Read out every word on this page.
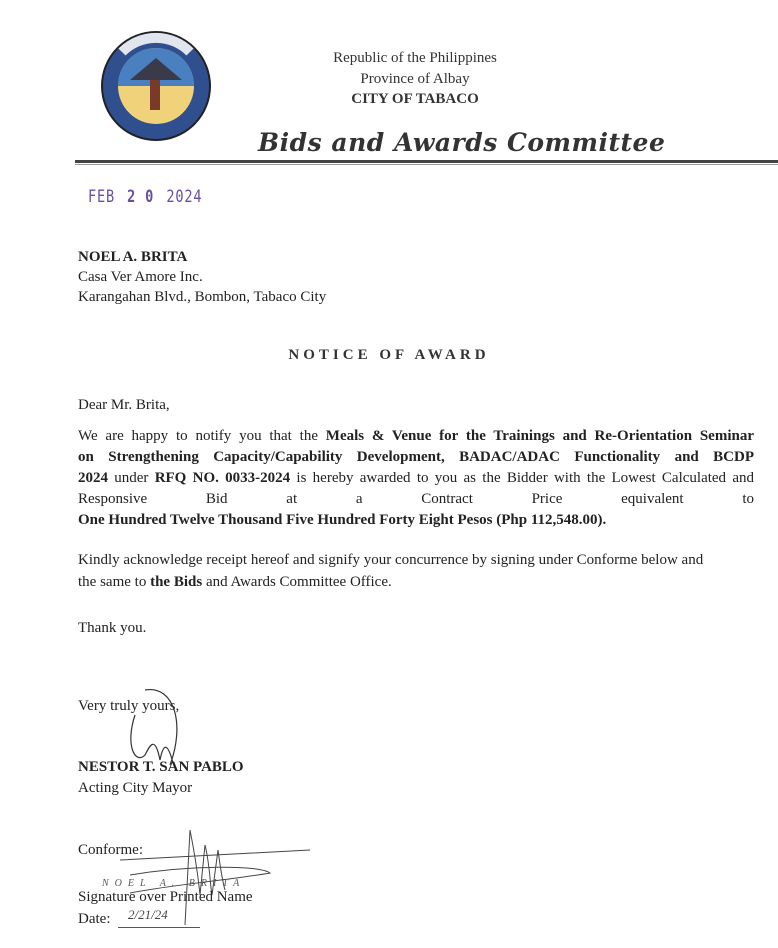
Republic of the Philippines
Province of Albay
CITY OF TABACO
Bids and Awards Committee
FEB 2 0 2024
NOEL A. BRITA
Casa Ver Amore Inc.
Karangahan Blvd., Bombon, Tabaco City
NOTICE OF AWARD
Dear Mr. Brita,
We are happy to notify you that the Meals & Venue for the Trainings and Re-Orientation Seminar
on Strengthening Capacity/Capability Development, BADAC/ADAC Functionality and BCDP
2024 under RFQ NO. 0033-2024 is hereby awarded to you as the Bidder with the Lowest Calculated and
Responsive Bid at a Contract Price equivalent to
One Hundred Twelve Thousand Five Hundred Forty Eight Pesos (Php 112,548.00).
Kindly acknowledge receipt hereof and signify your concurrence by signing under Conforme below and
the same to the Bids and Awards Committee Office.
Thank you.
Very truly yours,
NESTOR T. SAN PABLO
Acting City Mayor
Conforme:
NOEL A. BRITA
Signature over Printed Name
Date: 2/21/24
